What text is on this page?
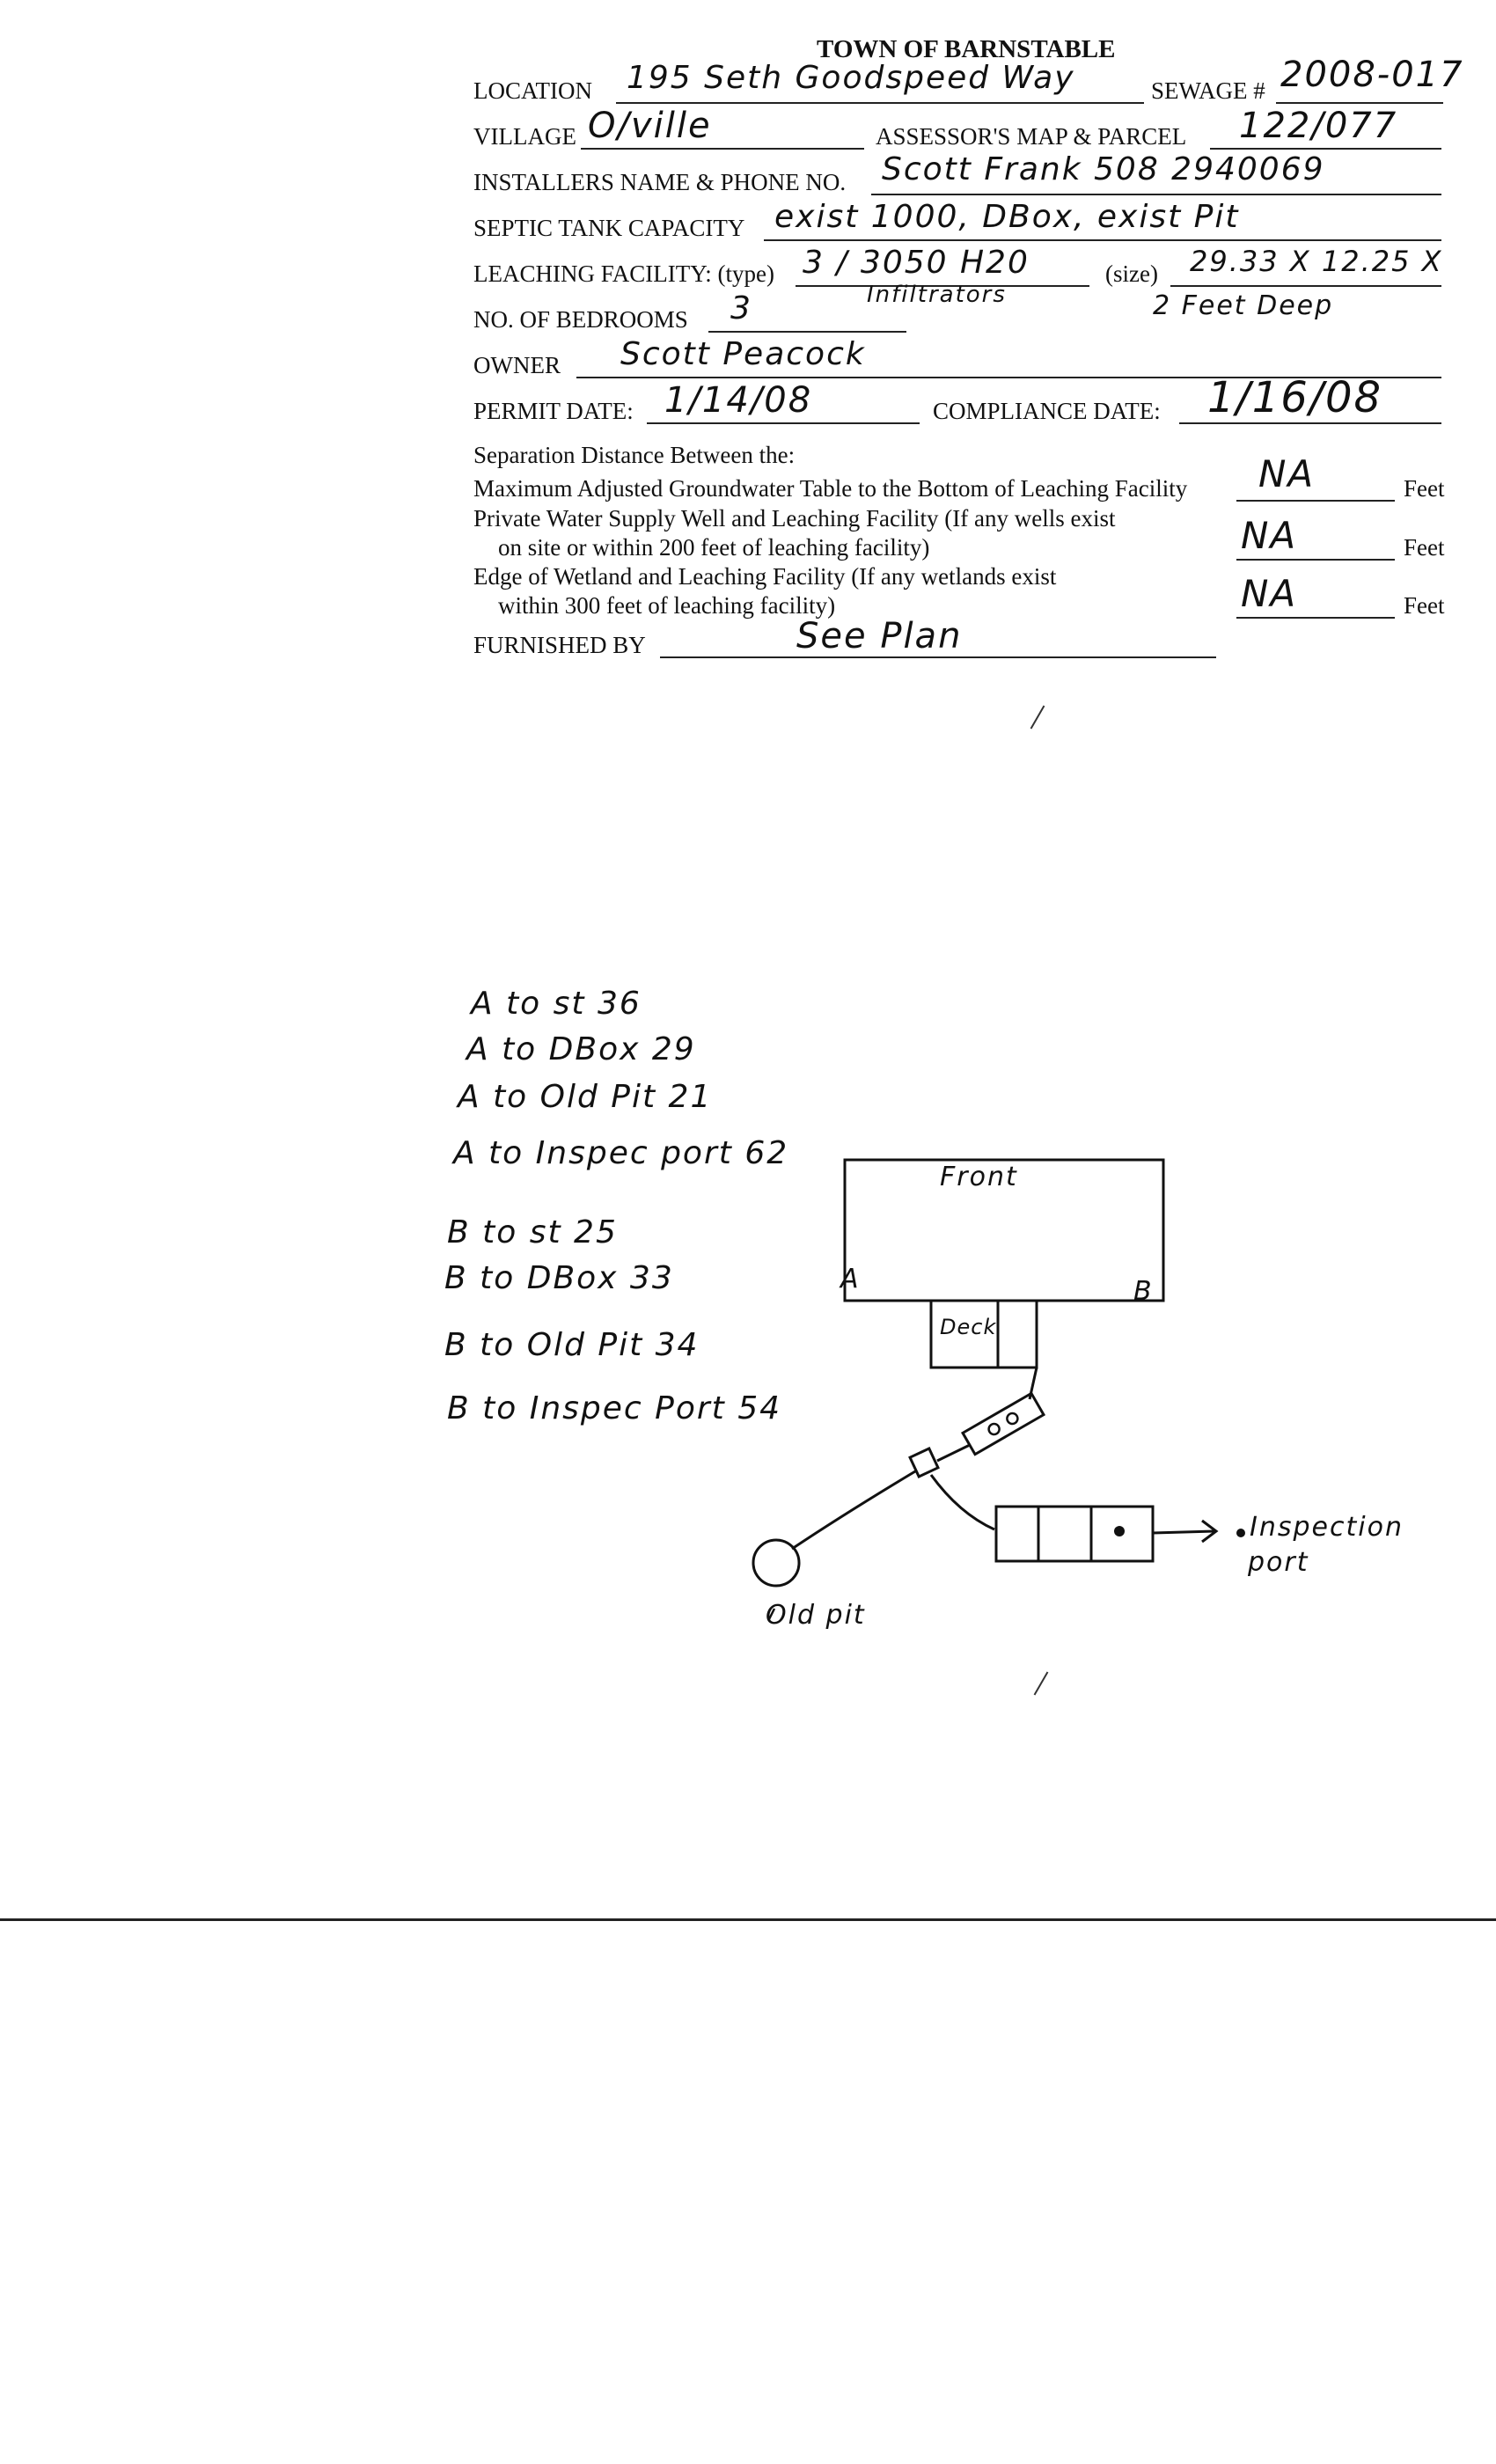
TOWN OF BARNSTABLE
LOCATION 195 Seth Goodspeed Way	SEWAGE # 2008-017
VILLAGE O/ville	ASSESSOR'S MAP & PARCEL 122/077
INSTALLERS NAME & PHONE NO. Scott Frank 508 2940069
SEPTIC TANK CAPACITY exist 1000, DBox, exist Pit
LEACHING FACILITY: (type) 3 / 3050 H20	(size) 29.33 X 12.25 X
NO. OF BEDROOMS 3	Infiltrators	2 Feet Deep
OWNER Scott Peacock
PERMIT DATE: 1/14/08	COMPLIANCE DATE: 1/16/08
Separation Distance Between the:
Maximum Adjusted Groundwater Table to the Bottom of Leaching Facility NA	Feet
Private Water Supply Well and Leaching Facility (If any wells exist
on site or within 200 feet of leaching facility)	NA	Feet
Edge of Wetland and Leaching Facility (If any wetlands exist
within 300 feet of leaching facility)	NA	Feet
FURNISHED BY	See Plan
A to st 36
A to DBox 29
A to Old Pit 21
A to Inspec port 62
B to st 25
B to DBox 33
B to Old Pit 34
B to Inspec Port 54
Front
A	B
Deck
Inspection
port
Old pit
